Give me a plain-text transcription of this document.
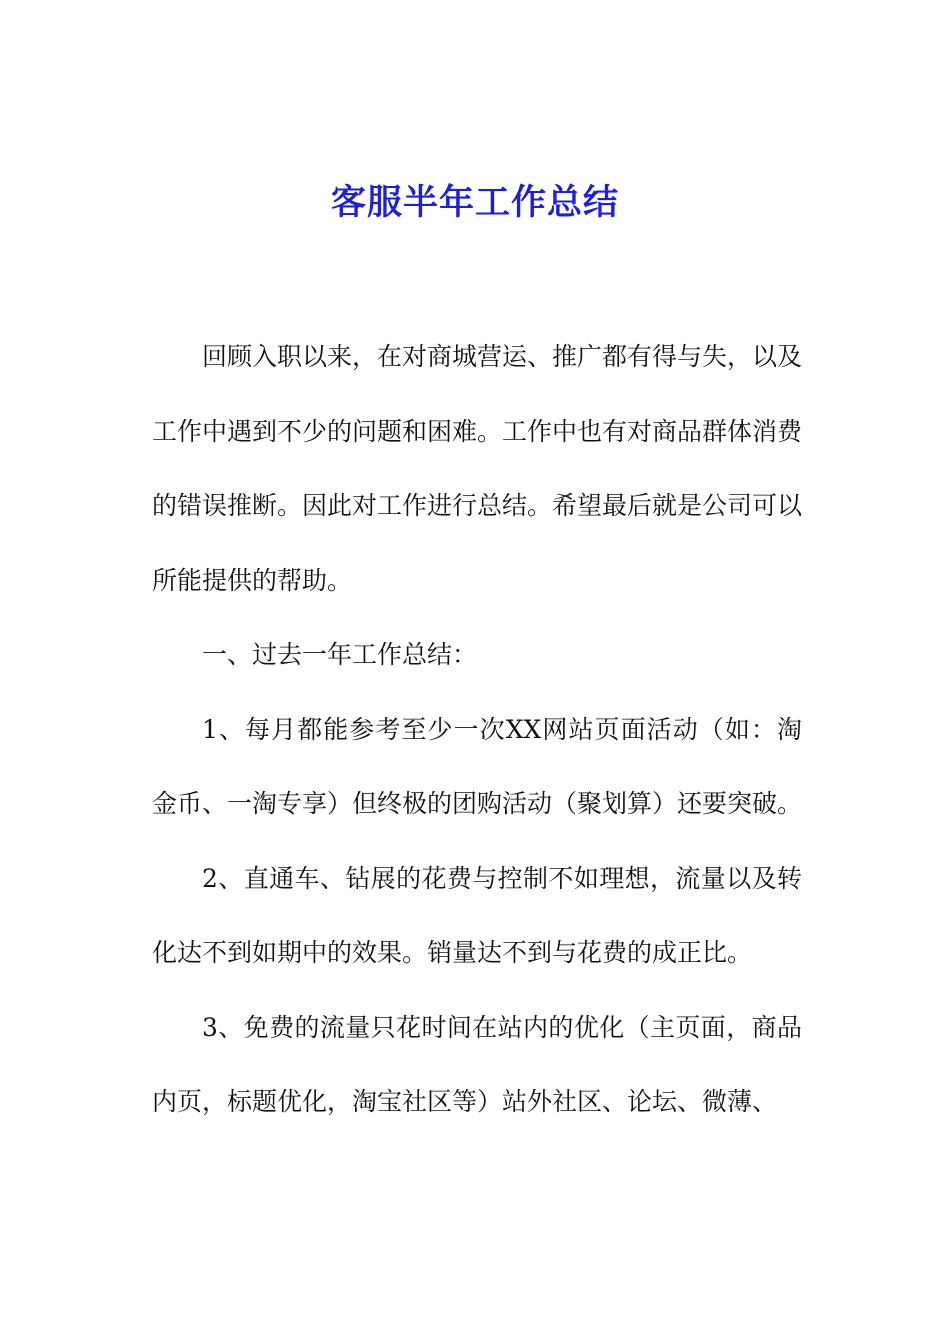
客服半年工作总结

回顾入职以来，在对商城营运、推广都有得与失，以及工作中遇到不少的问题和困难。工作中也有对商品群体消费的错误推断。因此对工作进行总结。希望最后就是公司可以所能提供的帮助。

一、过去一年工作总结：

1、每月都能参考至少一次XX网站页面活动（如：淘金币、一淘专享）但终极的团购活动（聚划算）还要突破。

2、直通车、钻展的花费与控制不如理想，流量以及转化达不到如期中的效果。销量达不到与花费的成正比。

3、免费的流量只花时间在站内的优化（主页面，商品内页，标题优化，淘宝社区等）站外社区、论坛、微薄、
